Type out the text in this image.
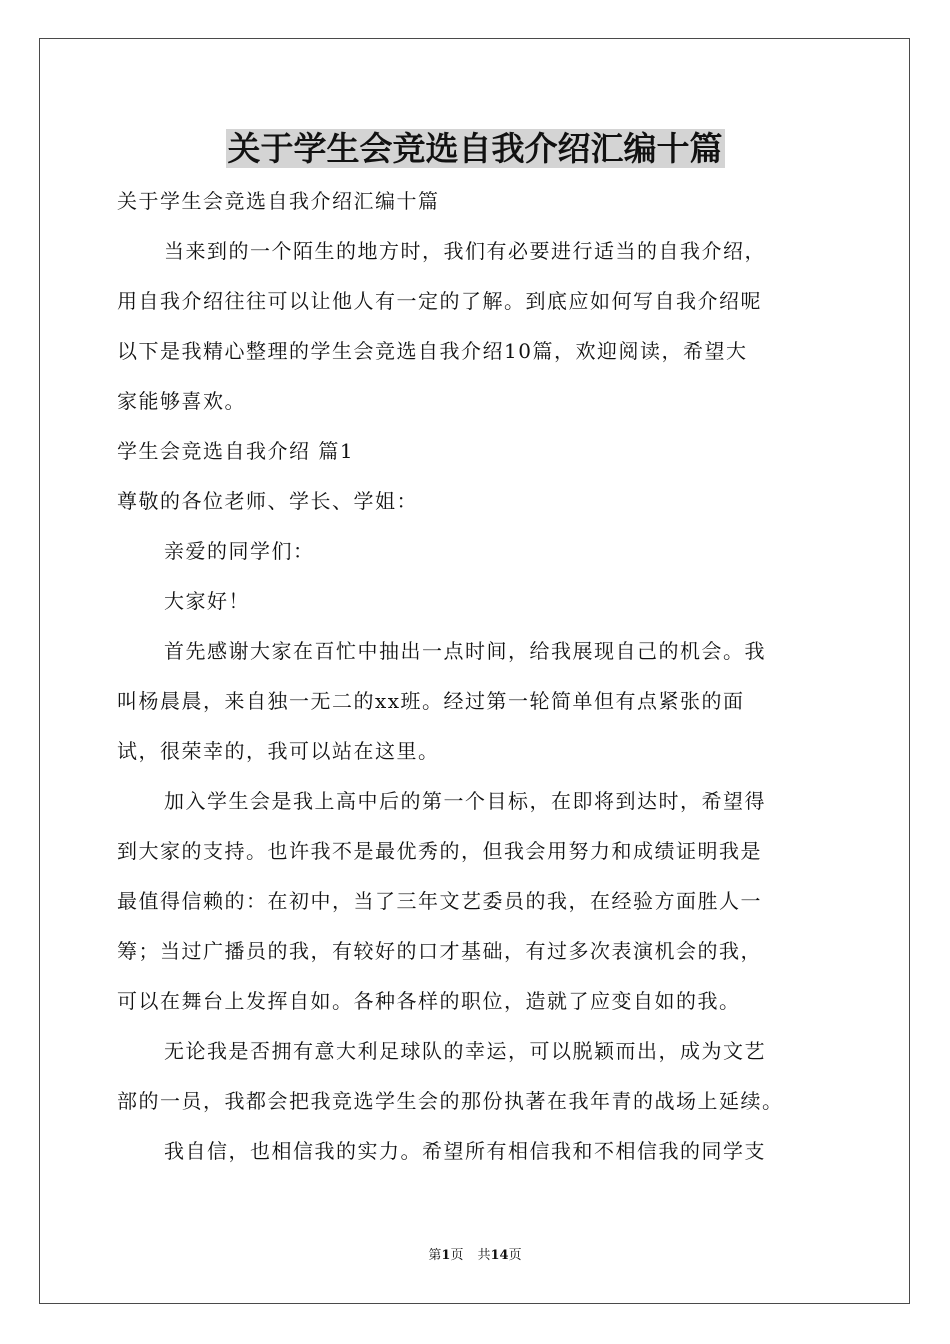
关于学生会竞选自我介绍汇编十篇

关于学生会竞选自我介绍汇编十篇

当来到的一个陌生的地方时，我们有必要进行适当的自我介绍，

用自我介绍往往可以让他人有一定的了解。到底应如何写自我介绍呢

以下是我精心整理的学生会竞选自我介绍10篇，欢迎阅读，希望大

家能够喜欢。

学生会竞选自我介绍 篇1

尊敬的各位老师、学长、学姐：

亲爱的同学们：

大家好！

首先感谢大家在百忙中抽出一点时间，给我展现自己的机会。我

叫杨晨晨，来自独一无二的xx班。经过第一轮简单但有点紧张的面

试，很荣幸的，我可以站在这里。

加入学生会是我上高中后的第一个目标，在即将到达时，希望得

到大家的支持。也许我不是最优秀的，但我会用努力和成绩证明我是

最值得信赖的：在初中，当了三年文艺委员的我，在经验方面胜人一

筹；当过广播员的我，有较好的口才基础，有过多次表演机会的我，

可以在舞台上发挥自如。各种各样的职位，造就了应变自如的我。

无论我是否拥有意大利足球队的幸运，可以脱颖而出，成为文艺

部的一员，我都会把我竞选学生会的那份执著在我年青的战场上延续。

我自信，也相信我的实力。希望所有相信我和不相信我的同学支

第1页 共14页
